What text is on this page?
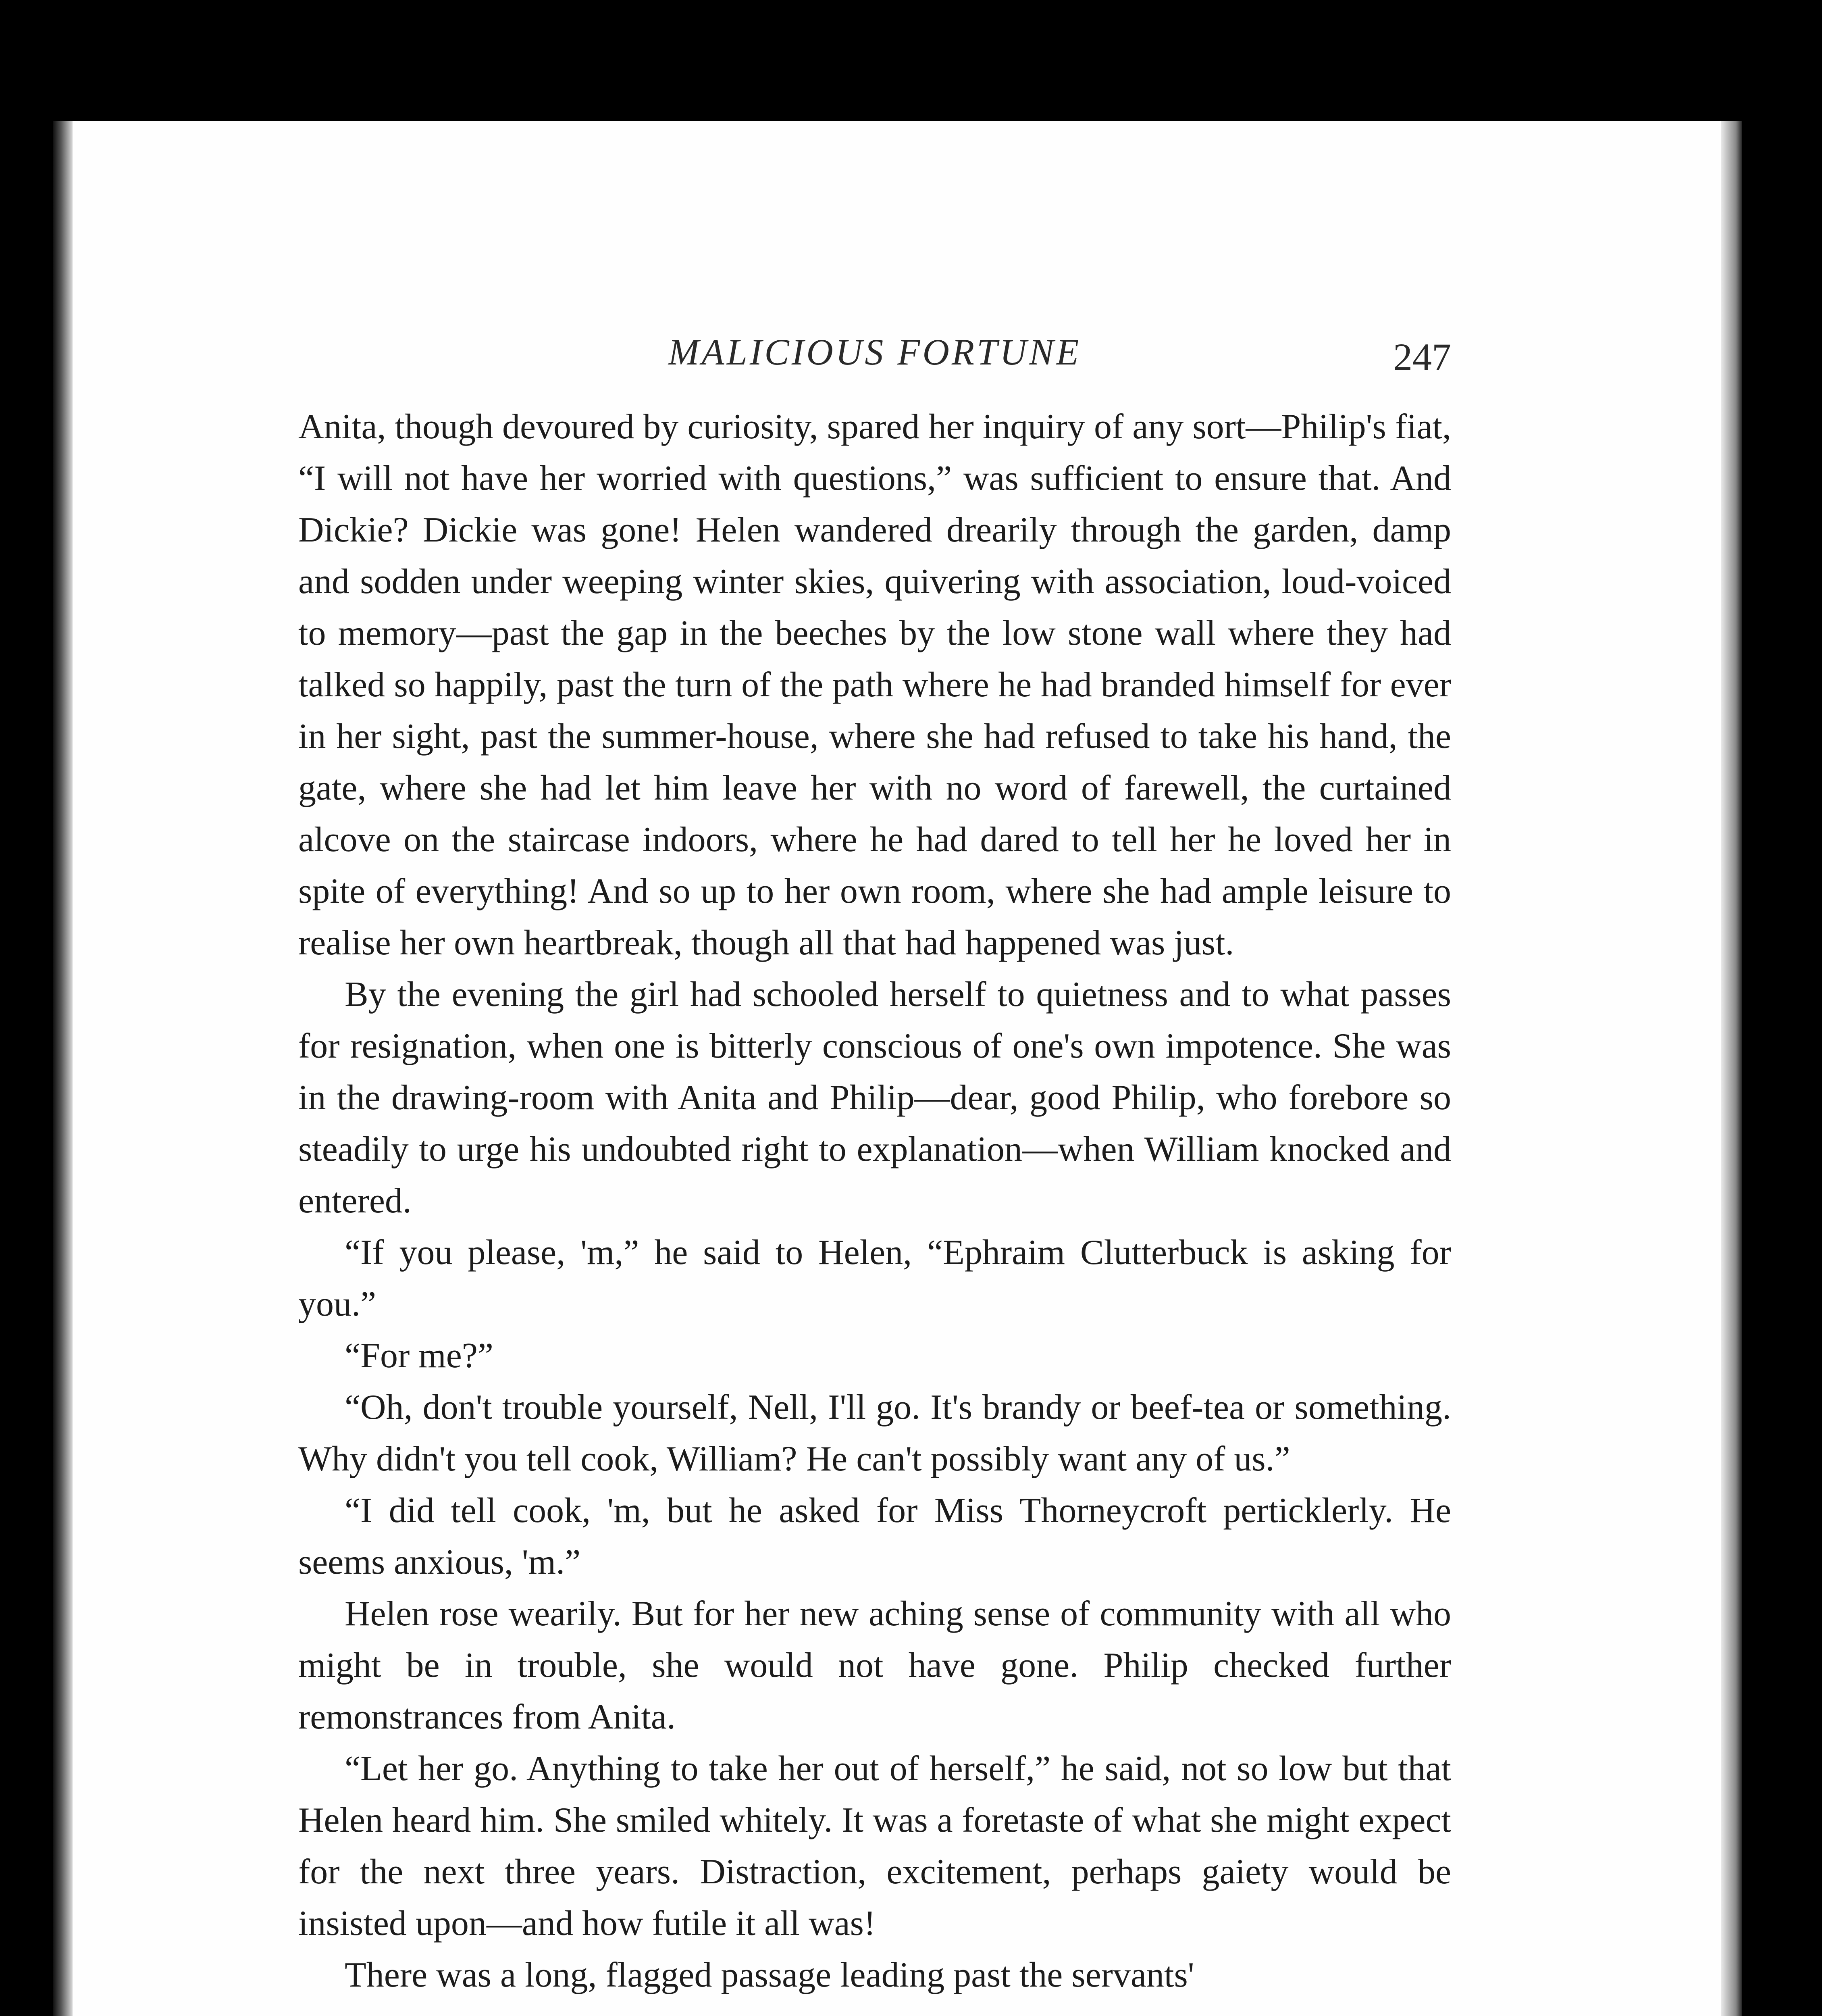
MALICIOUS FORTUNE	247

Anita, though devoured by curiosity, spared her inquiry of any sort—Philip's fiat, “I will not have her worried with questions,” was sufficient to ensure that. And Dickie? Dickie was gone! Helen wandered drearily through the garden, damp and sodden under weeping winter skies, quivering with association, loud-voiced to memory—past the gap in the beeches by the low stone wall where they had talked so happily, past the turn of the path where he had branded himself for ever in her sight, past the summer-house, where she had refused to take his hand, the gate, where she had let him leave her with no word of farewell, the curtained alcove on the staircase indoors, where he had dared to tell her he loved her in spite of everything! And so up to her own room, where she had ample leisure to realise her own heartbreak, though all that had happened was just.

By the evening the girl had schooled herself to quietness and to what passes for resignation, when one is bitterly conscious of one's own impotence. She was in the drawing-room with Anita and Philip—dear, good Philip, who forebore so steadily to urge his undoubted right to explanation—when William knocked and entered.

“If you please, 'm,” he said to Helen, “Ephraim Clutterbuck is asking for you.”

“For me?”

“Oh, don't trouble yourself, Nell, I'll go. It's brandy or beef-tea or something. Why didn't you tell cook, William? He can't possibly want any of us.”

“I did tell cook, 'm, but he asked for Miss Thorneycroft perticklerly. He seems anxious, 'm.”

Helen rose wearily. But for her new aching sense of community with all who might be in trouble, she would not have gone. Philip checked further remonstrances from Anita.

“Let her go. Anything to take her out of herself,” he said, not so low but that Helen heard him. She smiled whitely. It was a foretaste of what she might expect for the next three years. Distraction, excitement, perhaps gaiety would be insisted upon—and how futile it all was!

There was a long, flagged passage leading past the servants'
